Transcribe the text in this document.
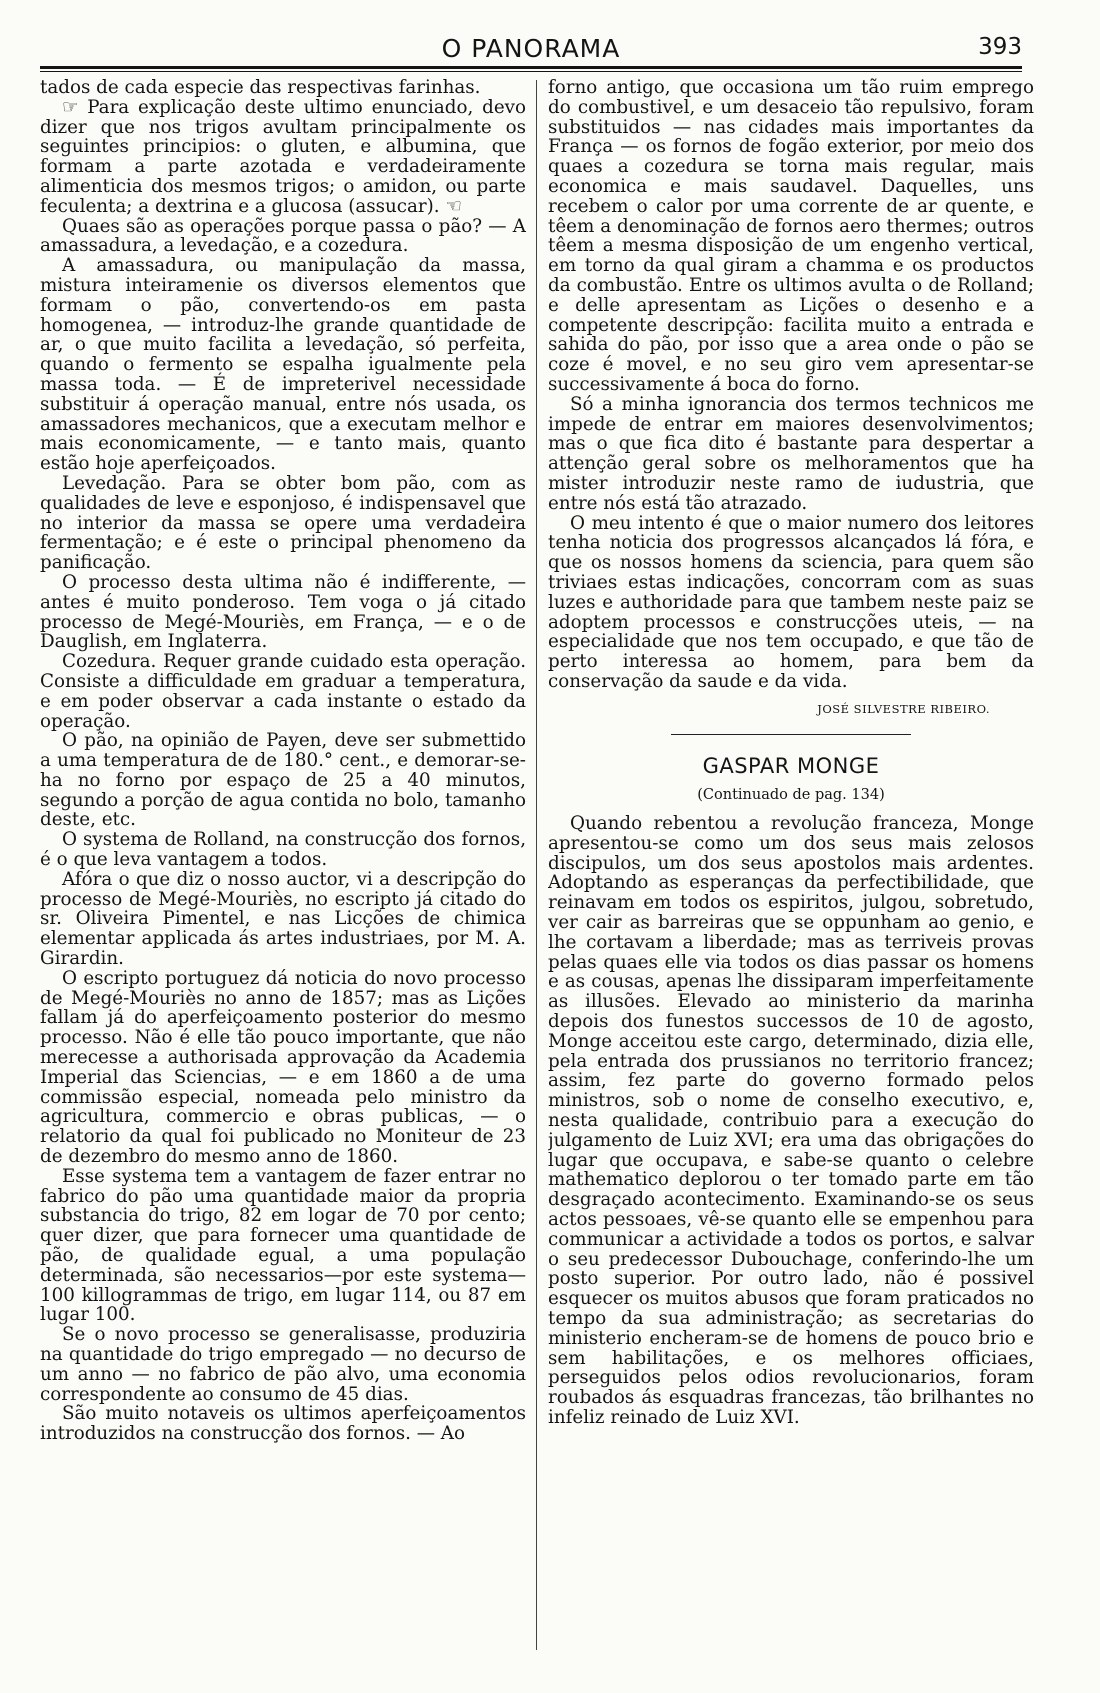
O PANORAMA	393

tados de cada especie das respectivas farinhas.

☞ Para explicação deste ultimo enunciado, devo dizer que nos trigos avultam principalmente os seguintes principios: o gluten, e albumina, que formam a parte azotada e verdadeiramente alimenticia dos mesmos trigos; o amidon, ou parte feculenta; a dextrina e a glucosa (assucar). ☜

Quaes são as operações porque passa o pão? — A amassadura, a levedação, e a cozedura.

A amassadura, ou manipulação da massa, mistura inteiramenie os diversos elementos que formam o pão, convertendo-os em pasta homogenea, — introduz-lhe grande quantidade de ar, o que muito facilita a levedação, só perfeita, quando o fermento se espalha igualmente pela massa toda. — É de impreterivel necessidade substituir á operação manual, entre nós usada, os amassadores mechanicos, que a executam melhor e mais economicamente, — e tanto mais, quanto estão hoje aperfeiçoados.

Levedação. Para se obter bom pão, com as qualidades de leve e esponjoso, é indispensavel que no interior da massa se opere uma verdadeira fermentação; e é este o principal phenomeno da panificação.

O processo desta ultima não é indifferente, — antes é muito ponderoso. Tem voga o já citado processo de Megé-Mouriès, em França, — e o de Dauglish, em Inglaterra.

Cozedura. Requer grande cuidado esta operação. Consiste a difficuldade em graduar a temperatura, e em poder observar a cada instante o estado da operação.

O pão, na opinião de Payen, deve ser submettido a uma temperatura de de 180.° cent., e demorar-se-ha no forno por espaço de 25 a 40 minutos, segundo a porção de agua contida no bolo, tamanho deste, etc.

O systema de Rolland, na construcção dos fornos, é o que leva vantagem a todos.

Afóra o que diz o nosso auctor, vi a descripção do processo de Megé-Mouriès, no escripto já citado do sr. Oliveira Pimentel, e nas Licções de chimica elementar applicada ás artes industriaes, por M. A. Girardin.

O escripto portuguez dá noticia do novo processo de Megé-Mouriès no anno de 1857; mas as Lições fallam já do aperfeiçoamento posterior do mesmo processo. Não é elle tão pouco importante, que não merecesse a authorisada approvação da Academia Imperial das Sciencias, — e em 1860 a de uma commissão especial, nomeada pelo ministro da agricultura, commercio e obras publicas, — o relatorio da qual foi publicado no Moniteur de 23 de dezembro do mesmo anno de 1860.

Esse systema tem a vantagem de fazer entrar no fabrico do pão uma quantidade maior da propria substancia do trigo, 82 em logar de 70 por cento; quer dizer, que para fornecer uma quantidade de pão, de qualidade egual, a uma população determinada, são necessarios—por este systema—100 killogrammas de trigo, em lugar 114, ou 87 em lugar 100.

Se o novo processo se generalisasse, produziria na quantidade do trigo empregado — no decurso de um anno — no fabrico de pão alvo, uma economia correspondente ao consumo de 45 dias.

São muito notaveis os ultimos aperfeiçoamentos introduzidos na construcção dos fornos. — Ao

forno antigo, que occasiona um tão ruim emprego do combustivel, e um desaceio tão repulsivo, foram substituidos — nas cidades mais importantes da França — os fornos de fogão exterior, por meio dos quaes a cozedura se torna mais regular, mais economica e mais saudavel. Daquelles, uns recebem o calor por uma corrente de ar quente, e têem a denominação de fornos aero thermes; outros têem a mesma disposição de um engenho vertical, em torno da qual giram a chamma e os productos da combustão. Entre os ultimos avulta o de Rolland; e delle apresentam as Lições o desenho e a competente descripção: facilita muito a entrada e sahida do pão, por isso que a area onde o pão se coze é movel, e no seu giro vem apresentar-se successivamente á boca do forno.

Só a minha ignorancia dos termos technicos me impede de entrar em maiores desenvolvimentos; mas o que fica dito é bastante para despertar a attenção geral sobre os melhoramentos que ha mister introduzir neste ramo de iudustria, que entre nós está tão atrazado.

O meu intento é que o maior numero dos leitores tenha noticia dos progressos alcançados lá fóra, e que os nossos homens da sciencia, para quem são triviaes estas indicações, concorram com as suas luzes e authoridade para que tambem neste paiz se adoptem processos e construcções uteis, — na especialidade que nos tem occupado, e que tão de perto interessa ao homem, para bem da conservação da saude e da vida.

JOSÉ SILVESTRE RIBEIRO.
GASPAR MONGE
(Continuado de pag. 134)

Quando rebentou a revolução franceza, Monge apresentou-se como um dos seus mais zelosos discipulos, um dos seus apostolos mais ardentes. Adoptando as esperanças da perfectibilidade, que reinavam em todos os espiritos, julgou, sobretudo, ver cair as barreiras que se oppunham ao genio, e lhe cortavam a liberdade; mas as terriveis provas pelas quaes elle via todos os dias passar os homens e as cousas, apenas lhe dissiparam imperfeitamente as illusões. Elevado ao ministerio da marinha depois dos funestos successos de 10 de agosto, Monge acceitou este cargo, determinado, dizia elle, pela entrada dos prussianos no territorio francez; assim, fez parte do governo formado pelos ministros, sob o nome de conselho executivo, e, nesta qualidade, contribuio para a execução do julgamento de Luiz XVI; era uma das obrigações do lugar que occupava, e sabe-se quanto o celebre mathematico deplorou o ter tomado parte em tão desgraçado acontecimento. Examinando-se os seus actos pessoaes, vê-se quanto elle se empenhou para communicar a actividade a todos os portos, e salvar o seu predecessor Dubouchage, conferindo-lhe um posto superior. Por outro lado, não é possivel esquecer os muitos abusos que foram praticados no tempo da sua administração; as secretarias do ministerio encheram-se de homens de pouco brio e sem habilitações, e os melhores officiaes, perseguidos pelos odios revolucionarios, foram roubados ás esquadras francezas, tão brilhantes no infeliz reinado de Luiz XVI.
